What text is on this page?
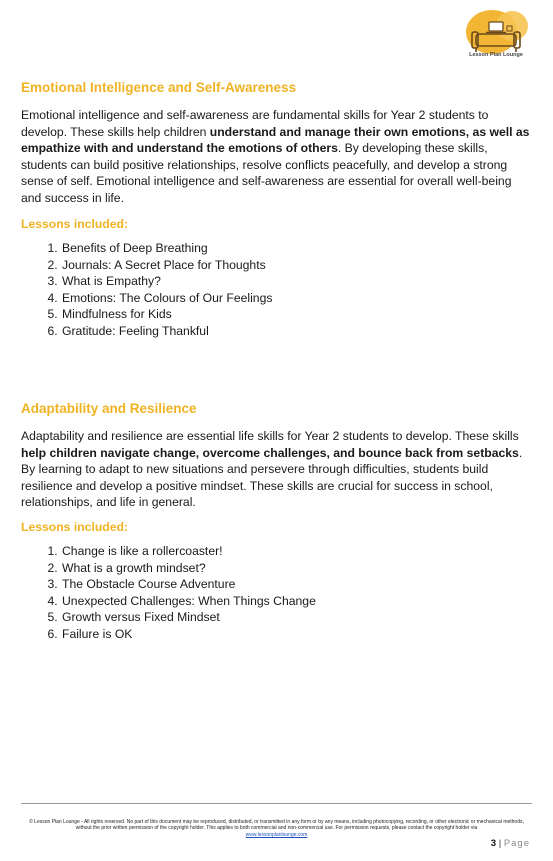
Lesson Plan Lounge
Emotional Intelligence and Self-Awareness

Emotional intelligence and self-awareness are fundamental skills for Year 2 students to develop. These skills help children understand and manage their own emotions, as well as empathize with and understand the emotions of others. By developing these skills, students can build positive relationships, resolve conflicts peacefully, and develop a strong sense of self. Emotional intelligence and self-awareness are essential for overall well-being and success in life.

Lessons included:
1. Benefits of Deep Breathing
2. Journals: A Secret Place for Thoughts
3. What is Empathy?
4. Emotions: The Colours of Our Feelings
5. Mindfulness for Kids
6. Gratitude: Feeling Thankful
Adaptability and Resilience

Adaptability and resilience are essential life skills for Year 2 students to develop. These skills help children navigate change, overcome challenges, and bounce back from setbacks. By learning to adapt to new situations and persevere through difficulties, students build resilience and develop a positive mindset. These skills are crucial for success in school, relationships, and life in general.

Lessons included:
1. Change is like a rollercoaster!
2. What is a growth mindset?
3. The Obstacle Course Adventure
4. Unexpected Challenges: When Things Change
5. Growth versus Fixed Mindset
6. Failure is OK
© Lesson Plan Lounge - All rights reserved. No part of this document may be reproduced, distributed, or transmitted in any form or by any means, including photocopying, recording, or other electronic or mechanical methods, without the prior written permission of the copyright holder. This applies to both commercial and non-commercial use. For permission requests, please contact the copyright holder via
www.lessonplanlounge.com
3 | Page
